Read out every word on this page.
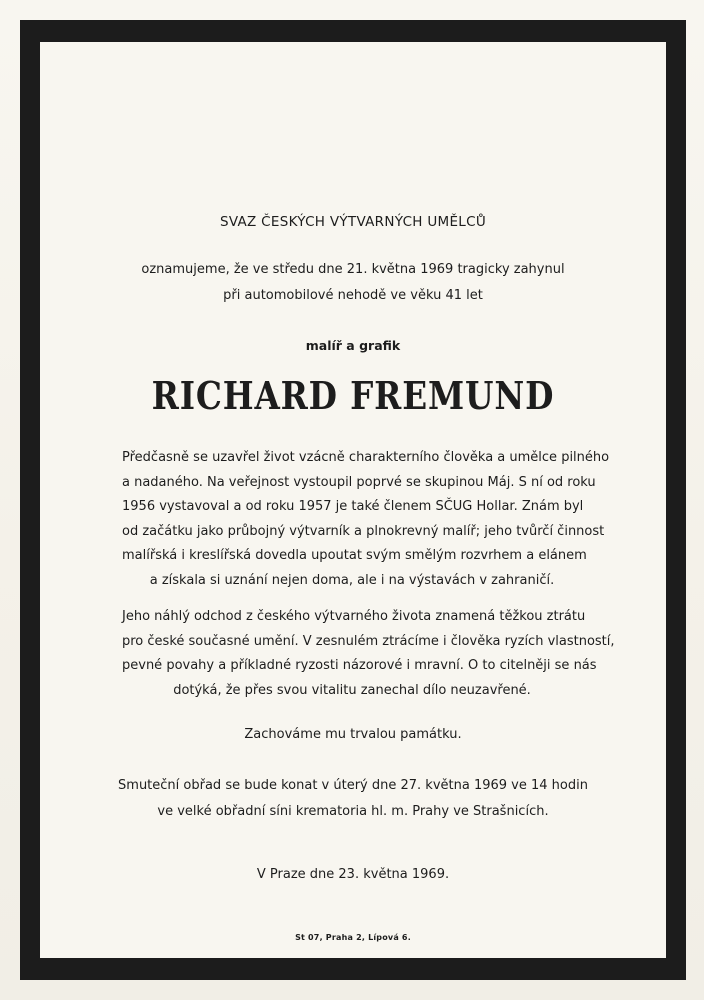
SVAZ ČESKÝCH VÝTVARNÝCH UMĚLCŮ
oznamujeme, že ve středu dne 21. května 1969 tragicky zahynul
při automobilové nehodě ve věku 41 let
malíř a grafik
RICHARD FREMUND
Předčasně se uzavřel život vzácně charakterního člověka a umělce pilného
a nadaného. Na veřejnost vystoupil poprvé se skupinou Máj. S ní od roku
1956 vystavoval a od roku 1957 je také členem SČUG Hollar. Znám byl
od začátku jako průbojný výtvarník a plnokrevný malíř; jeho tvůrčí činnost
malířská i kreslířská dovedla upoutat svým smělým rozvrhem a elánem
a získala si uznání nejen doma, ale i na výstavách v zahraničí.
Jeho náhlý odchod z českého výtvarného života znamená těžkou ztrátu
pro české současné umění. V zesnulém ztrácíme i člověka ryzích vlastností,
pevné povahy a příkladné ryzosti názorové i mravní. O to citelněji se nás
dotýká, že přes svou vitalitu zanechal dílo neuzavřené.
Zachováme mu trvalou památku.
Smuteční obřad se bude konat v úterý dne 27. května 1969 ve 14 hodin
ve velké obřadní síni krematoria hl. m. Prahy ve Strašnicích.
V Praze dne 23. května 1969.
St 07, Praha 2, Lípová 6.
